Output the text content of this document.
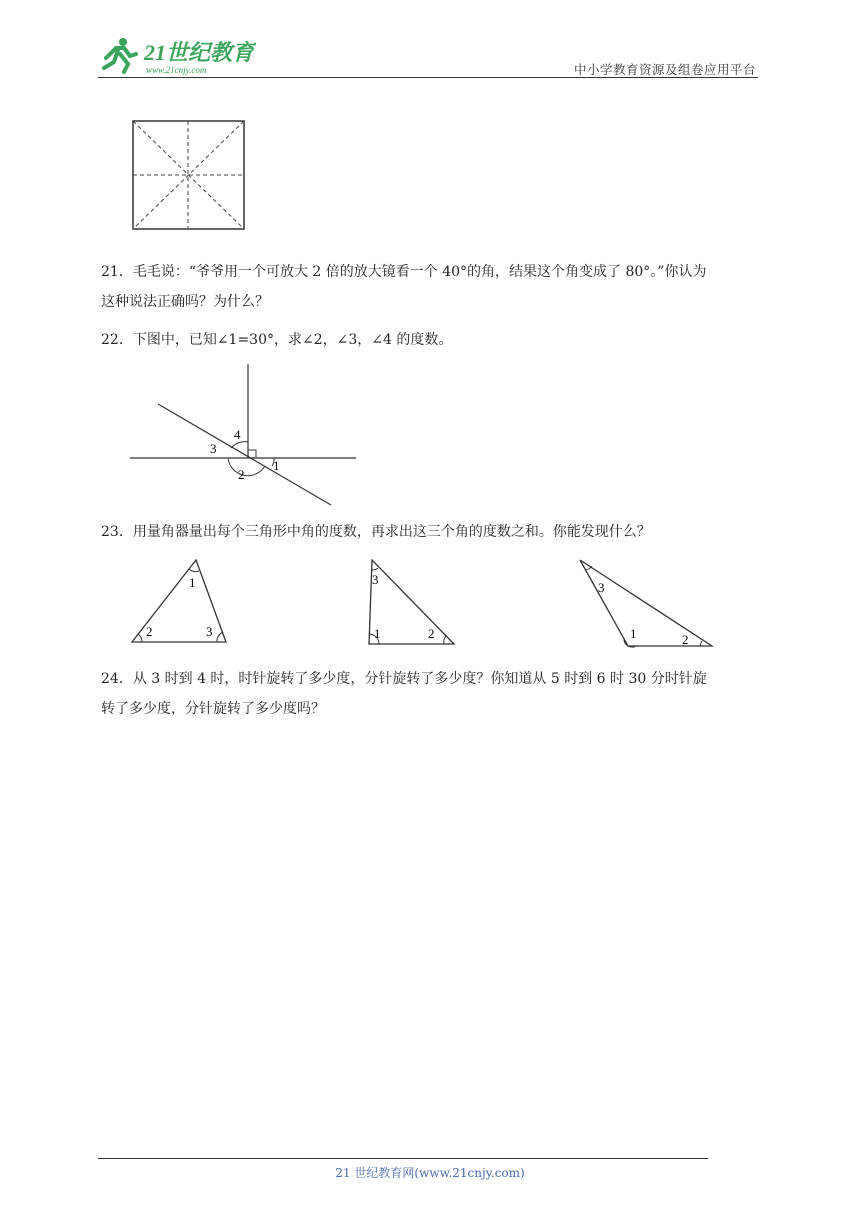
21世纪教育
www.21cnjy.com	中小学教育资源及组卷应用平台
21．毛毛说：“爷爷用一个可放大 2 倍的放大镜看一个 40°的角，结果这个角变成了 80°。”你认为
这种说法正确吗？为什么？
22．下图中，已知∠1=30°，求∠2，∠3，∠4 的度数。
1
2
3
4
23．用量角器量出每个三角形中角的度数，再求出这三个角的度数之和。你能发现什么？
1
2	3
3
1	2
3
1	2
24．从 3 时到 4 时，时针旋转了多少度，分针旋转了多少度？你知道从 5 时到 6 时 30 分时针旋
转了多少度，分针旋转了多少度吗？
21 世纪教育网(www.21cnjy.com)
